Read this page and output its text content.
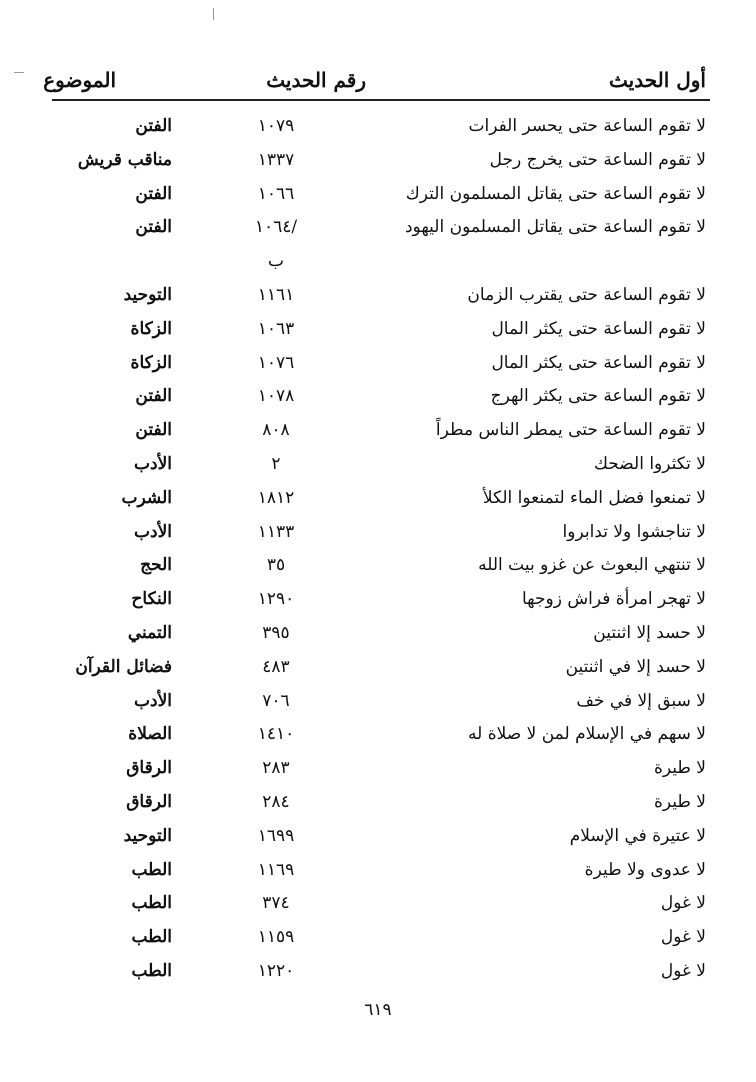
أول الحديث
رقم الحديث
الموضوع
لا تقوم الساعة حتى يحسر الفرات
١٠٧٩
الفتن
لا تقوم الساعة حتى يخرج رجل
١٣٣٧
مناقب قريش
لا تقوم الساعة حتى يقاتل المسلمون الترك
١٠٦٦
الفتن
لا تقوم الساعة حتى يقاتل المسلمون اليهود
١٠٦٤/
الفتن
ب
لا تقوم الساعة حتى يقترب الزمان
١١٦١
التوحيد
لا تقوم الساعة حتى يكثر المال
١٠٦٣
الزكاة
لا تقوم الساعة حتى يكثر المال
١٠٧٦
الزكاة
لا تقوم الساعة حتى يكثر الهرج
١٠٧٨
الفتن
لا تقوم الساعة حتى يمطر الناس مطراً
٨٠٨
الفتن
لا تكثروا الضحك
٢
الأدب
لا تمنعوا فضل الماء لتمنعوا الكلأ
١٨١٢
الشرب
لا تناجشوا ولا تدابروا
١١٣٣
الأدب
لا تنتهي البعوث عن غزو بيت الله
٣٥
الحج
لا تهجر امرأة فراش زوجها
١٢٩٠
النكاح
لا حسد إلا اثنتين
٣٩٥
التمني
لا حسد إلا في اثنتين
٤٨٣
فضائل القرآن
لا سبق إلا في خف
٧٠٦
الأدب
لا سهم في الإسلام لمن لا صلاة له
١٤١٠
الصلاة
لا طيرة
٢٨٣
الرقاق
لا طيرة
٢٨٤
الرقاق
لا عتيرة في الإسلام
١٦٩٩
التوحيد
لا عدوى ولا طيرة
١١٦٩
الطب
لا غول
٣٧٤
الطب
لا غول
١١٥٩
الطب
لا غول
١٢٢٠
الطب
٦١٩
